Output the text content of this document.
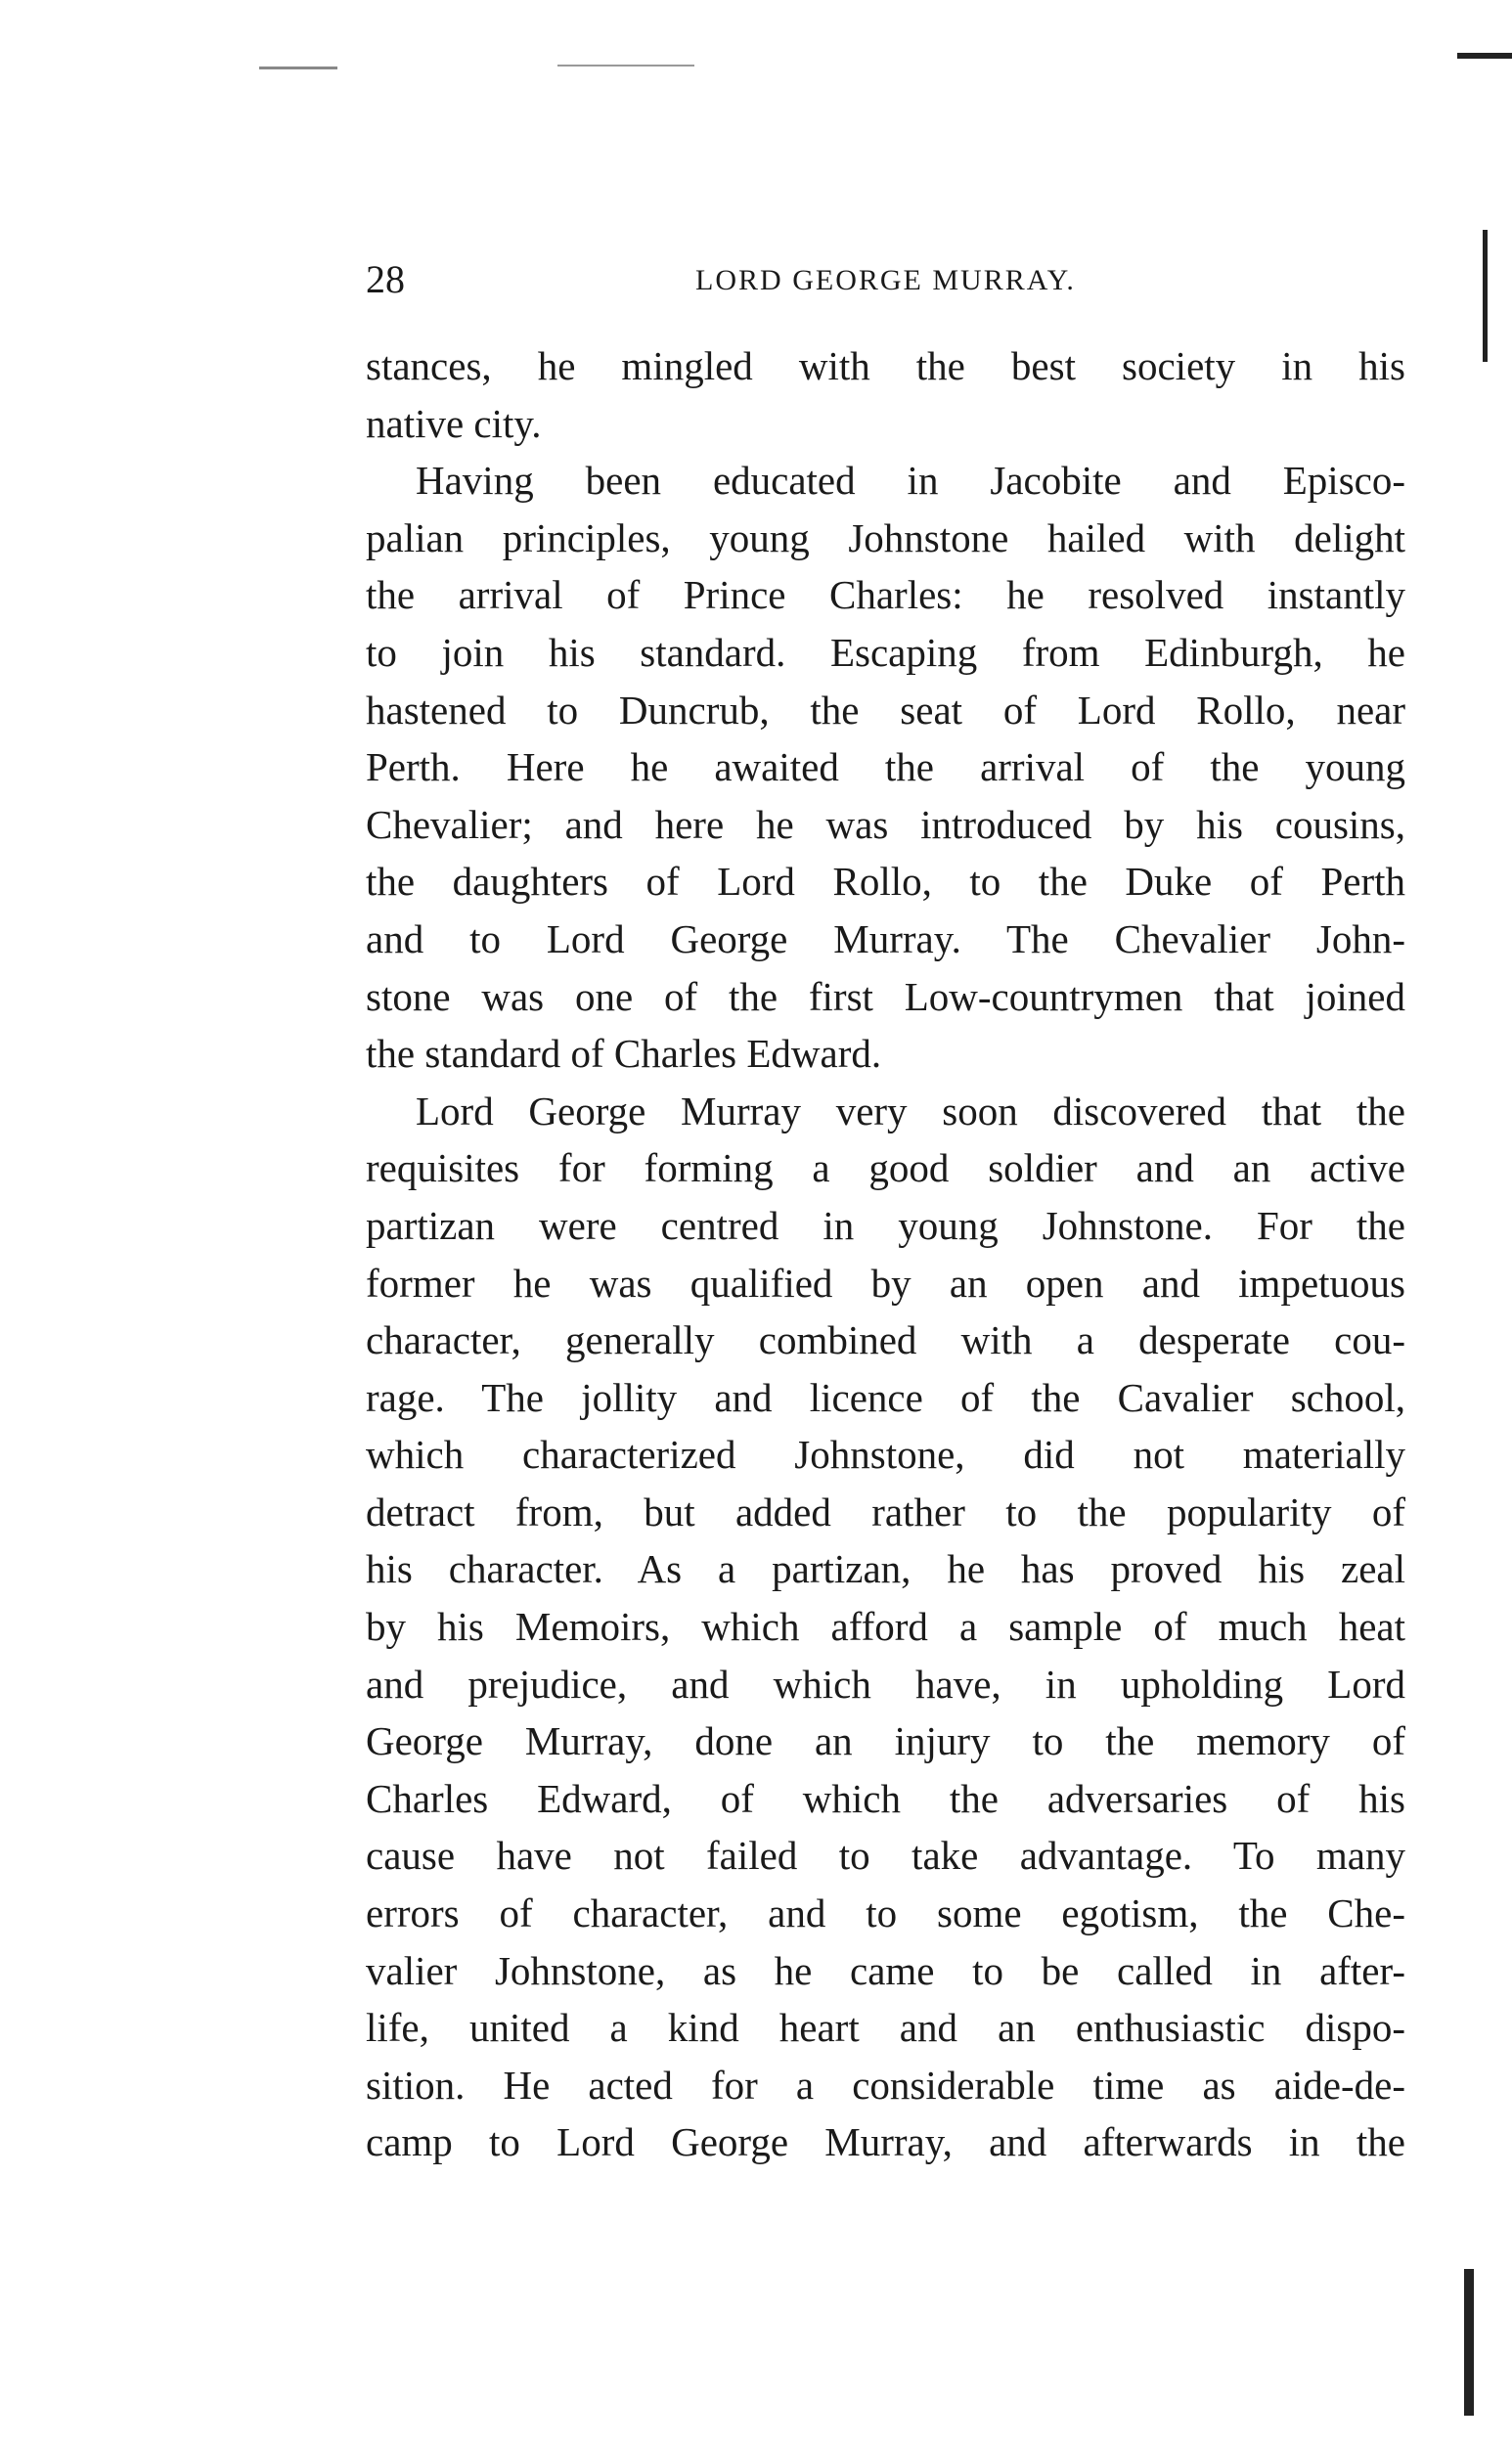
28	LORD GEORGE MURRAY.
stances, he mingled with the best society in his
native city.
Having been educated in Jacobite and Episco-
palian principles, young Johnstone hailed with delight
the arrival of Prince Charles: he resolved instantly
to join his standard. Escaping from Edinburgh, he
hastened to Duncrub, the seat of Lord Rollo, near
Perth. Here he awaited the arrival of the young
Chevalier; and here he was introduced by his cousins,
the daughters of Lord Rollo, to the Duke of Perth
and to Lord George Murray. The Chevalier John-
stone was one of the first Low-countrymen that joined
the standard of Charles Edward.
Lord George Murray very soon discovered that the
requisites for forming a good soldier and an active
partizan were centred in young Johnstone. For the
former he was qualified by an open and impetuous
character, generally combined with a desperate cou-
rage. The jollity and licence of the Cavalier school,
which characterized Johnstone, did not materially
detract from, but added rather to the popularity of
his character. As a partizan, he has proved his zeal
by his Memoirs, which afford a sample of much heat
and prejudice, and which have, in upholding Lord
George Murray, done an injury to the memory of
Charles Edward, of which the adversaries of his
cause have not failed to take advantage. To many
errors of character, and to some egotism, the Che-
valier Johnstone, as he came to be called in after-
life, united a kind heart and an enthusiastic dispo-
sition. He acted for a considerable time as aide-de-
camp to Lord George Murray, and afterwards in the
